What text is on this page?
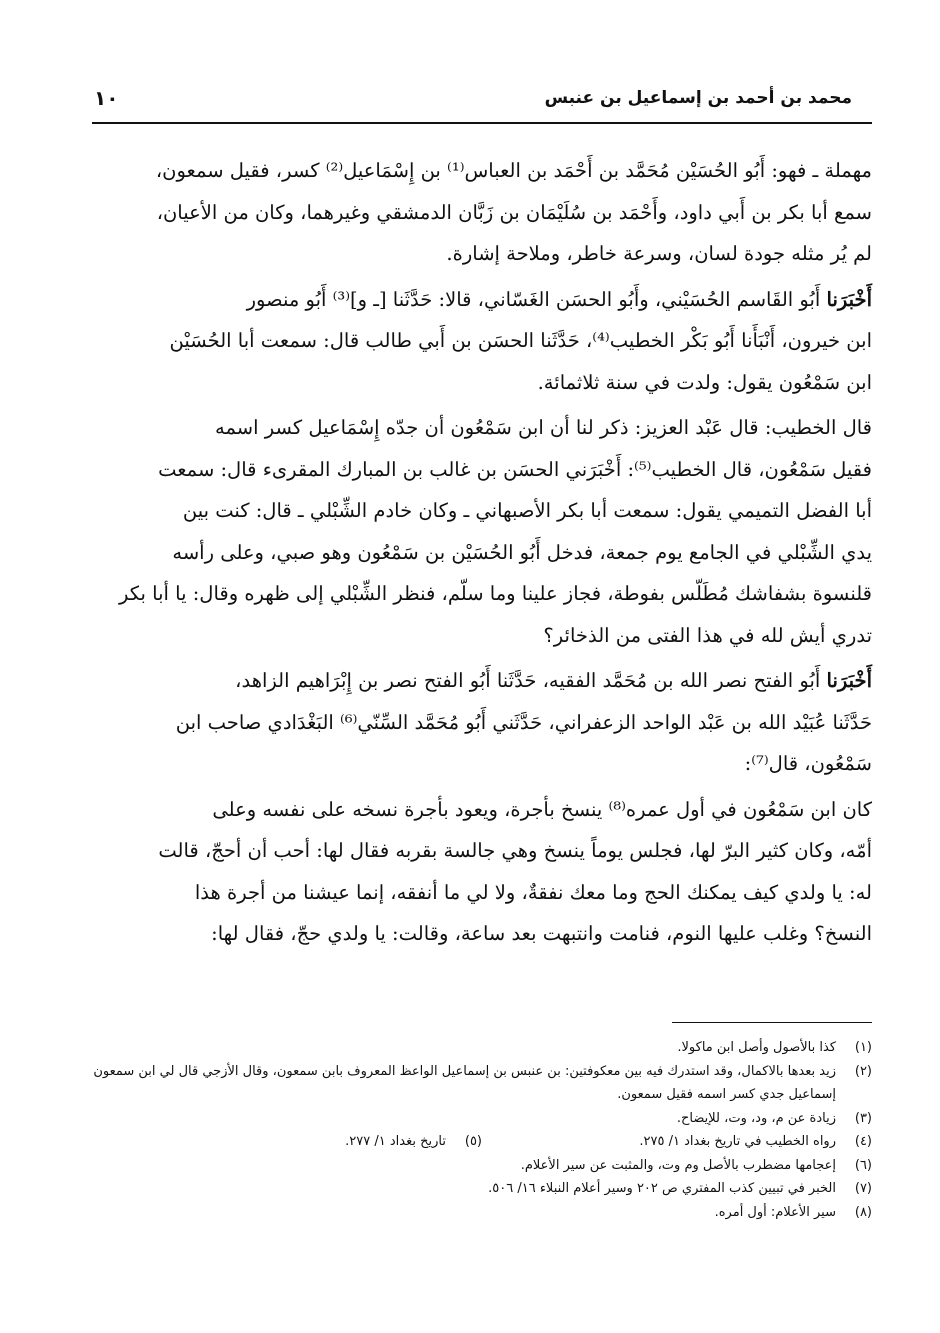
محمد بن أحمد بن إسماعيل بن عنبس
١٠

مهملة ـ فهو: أَبُو الحُسَيْن مُحَمَّد بن أَحْمَد بن العباس⁽¹⁾ بن إِسْمَاعيل⁽²⁾ كسر، فقيل سمعون،

سمع أبا بكر بن أَبي داود، وأَحْمَد بن سُلَيْمَان بن زَبَّان الدمشقي وغيرهما، وكان من الأعيان،

لم يُر مثله جودة لسان، وسرعة خاطر، وملاحة إشارة.

أَخْبَرَنا أَبُو القَاسم الحُسَيْني، وأَبُو الحسَن الغَسّاني، قالا: حَدَّثَنا [ـ و]⁽³⁾ أَبُو منصور

ابن خيرون، أَنْبَأَنا أَبُو بَكْر الخطيب⁽⁴⁾، حَدَّثَنا الحسَن بن أَبي طالب قال: سمعت أبا الحُسَيْن

ابن سَمْعُون يقول: ولدت في سنة ثلاثمائة.

قال الخطيب: قال عَبْد العزيز: ذكر لنا أن ابن سَمْعُون أن جدّه إِسْمَاعيل كسر اسمه

فقيل سَمْعُون، قال الخطيب⁽⁵⁾: أَخْبَرَني الحسَن بن غالب بن المبارك المقرىء قال: سمعت

أبا الفضل التميمي يقول: سمعت أبا بكر الأصبهاني ـ وكان خادم الشِّبْلي ـ قال: كنت بين

يدي الشِّبْلي في الجامع يوم جمعة، فدخل أَبُو الحُسَيْن بن سَمْعُون وهو صبي، وعلى رأسه

قلنسوة بشفاشك مُطَلّس بفوطة، فجاز علينا وما سلّم، فنظر الشِّبْلي إلى ظهره وقال: يا أبا بكر

تدري أيش لله في هذا الفتى من الذخائر؟

أَخْبَرَنا أَبُو الفتح نصر الله بن مُحَمَّد الفقيه، حَدَّثَنا أَبُو الفتح نصر بن إِبْرَاهيم الزاهد،

حَدَّثَنا عُبَيْد الله بن عَبْد الواحد الزعفراني، حَدَّثَني أَبُو مُحَمَّد السِّنّي⁽⁶⁾ البَغْدَادي صاحب ابن

سَمْعُون، قال⁽⁷⁾:

كان ابن سَمْعُون في أول عمره⁽⁸⁾ ينسخ بأجرة، ويعود بأجرة نسخه على نفسه وعلى

أمّه، وكان كثير البرّ لها، فجلس يوماً ينسخ وهي جالسة بقربه فقال لها: أحب أن أحجّ، قالت

له: يا ولدي كيف يمكنك الحج وما معك نفقةٌ، ولا لي ما أنفقه، إنما عيشنا من أجرة هذا

النسخ؟ وغلب عليها النوم، فنامت وانتبهت بعد ساعة، وقالت: يا ولدي حجّ، فقال لها:

(١)
كذا بالأصول وأصل ابن ماكولا.
(٢)
زيد بعدها بالاكمال، وقد استدرك فيه بين معكوفتين: بن عنبس بن إسماعيل الواعظ المعروف بابن سمعون، وقال الأزجي قال لي ابن سمعون إسماعيل جدي كسر اسمه فقيل سمعون.
(٣)
زيادة عن م، ود، وت، للإيضاح.
(٤)
رواه الخطيب في تاريخ بغداد ١/ ٢٧٥.
(٥)
تاريخ بغداد ١/ ٢٧٧.
(٦)
إعجامها مضطرب بالأصل وم وت، والمثبت عن سير الأعلام.
(٧)
الخبر في تبيين كذب المفتري ص ٢٠٢ وسير أعلام النبلاء ١٦/ ٥٠٦.
(٨)
سير الأعلام: أول أمره.
